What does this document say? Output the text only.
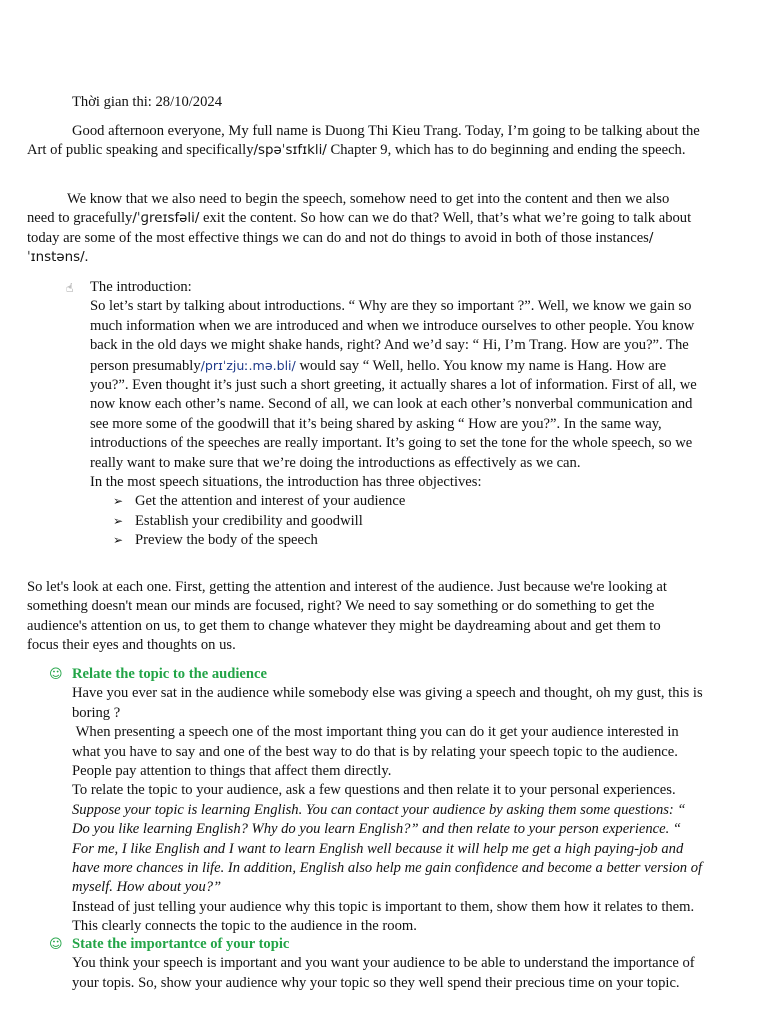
Thời gian thi: 28/10/2024

Good afternoon everyone, My full name is Duong Thi Kieu Trang. Today, I’m going to be talking about the Art of public speaking and specifically/spəˈsɪfɪkli/ Chapter 9, which has to do beginning and ending the speech.

We know that we also need to begin the speech, somehow need to get into the content and then we also need to gracefully/ˈɡreɪsfəli/ exit the content. So how can we do that? Well, that’s what we’re going to talk about today are some of the most effective things we can do and not do things to avoid in both of those instances/ˈɪnstəns/.

☝ The introduction:

So let’s start by talking about introductions. “ Why are they so important ?”. Well, we know we gain so much information when we are introduced and when we introduce ourselves to other people. You know back in the old days we might shake hands, right? And we’d say: “ Hi, I’m Trang. How are you?”. The person presumably/prɪˈzjuː.mə.bli/ would say “ Well, hello. You know my name is Hang. How are you?”. Even thought it’s just such a short greeting, it actually shares a lot of information. First of all, we now know each other’s name. Second of all, we can look at each other’s nonverbal communication and see more some of the goodwill that it’s being shared by asking “ How are you?”. In the same way, introductions of the speeches are really important. It’s going to set the tone for the whole speech, so we really want to make sure that we’re doing the introductions as effectively as we can.

In the most speech situations, the introduction has three objectives:

➢ Get the attention and interest of your audience
➢ Establish your credibility and goodwill
➢ Preview the body of the speech

So let's look at each one. First, getting the attention and interest of the audience. Just because we're looking at something doesn't mean our minds are focused, right? We need to say something or do something to get the audience's attention on us, to get them to change whatever they might be daydreaming about and get them to focus their eyes and thoughts on us.

☺ Relate the topic to the audience

Have you ever sat in the audience while somebody else was giving a speech and thought, oh my gust, this is boring ?

When presenting a speech one of the most important thing you can do it get your audience interested in what you have to say and one of the best way to do that is by relating your speech topic to the audience. People pay attention to things that affect them directly.

To relate the topic to your audience, ask a few questions and then relate it to your personal experiences.

Suppose your topic is learning English. You can contact your audience by asking them some questions: “ Do you like learning English? Why do you learn English?” and then relate to your person experience. “ For me, I like English and I want to learn English well because it will help me get a high paying-job and have more chances in life. In addition, English also help me gain confidence and become a better version of myself. How about you?”

Instead of just telling your audience why this topic is important to them, show them how it relates to them. This clearly connects the topic to the audience in the room.

☺ State the importantce of your topic

You think your speech is important and you want your audience to be able to understand the importance of your topis. So, show your audience why your topic so they well spend their precious time on your topic.
